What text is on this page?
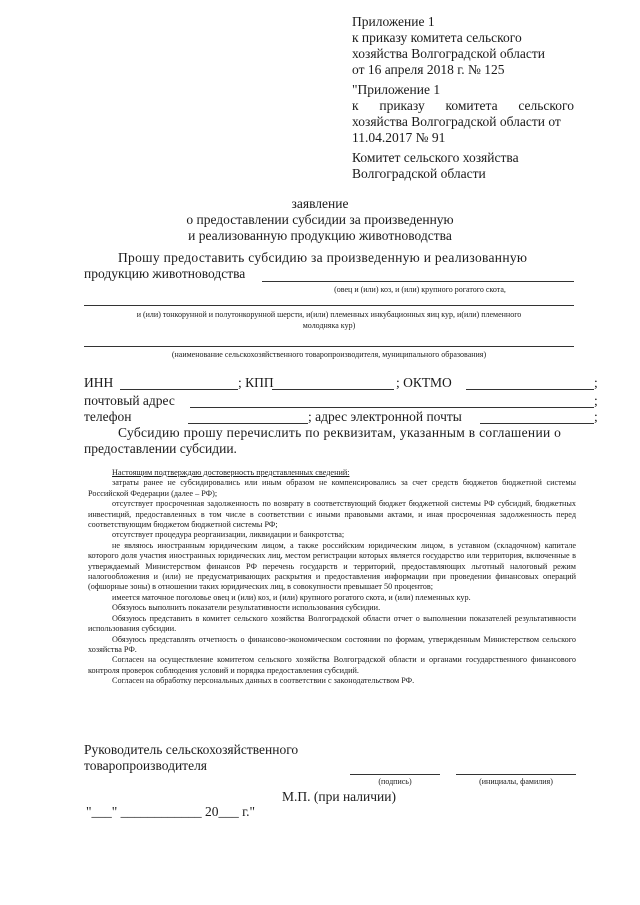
Приложение 1
к приказу комитета сельского
хозяйства Волгоградской области
от 16 апреля 2018 г. № 125
"Приложение 1
к приказу комитета сельского
хозяйства Волгоградской области от
11.04.2017 № 91
Комитет сельского хозяйства
Волгоградской области
заявление
о предоставлении субсидии за произведенную
и реализованную продукцию животноводства
Прошу предоставить субсидию за произведенную и реализованную
продукцию животноводства
(овец и (или) коз, и (или) крупного рогатого скота,
и (или) тонкорунной и полутонкорунной шерсти, и(или) племенных инкубационных яиц кур, и(или) племенного
молодняка кур)
(наименование сельскохозяйственного товаропроизводителя, муниципального образования)
ИНН	; КПП	; ОКТМО	;
почтовый адрес	;
телефон	; адрес электронной почты	;
Субсидию прошу перечислить по реквизитам, указанным в соглашении о
предоставлении субсидии.

Настоящим подтверждаю достоверность представленных сведений:

затраты ранее не субсидировались или иным образом не компенсировались за счет средств бюджетов бюджетной системы Российской Федерации (далее – РФ);

отсутствует просроченная задолженность по возврату в соответствующий бюджет бюджетной системы РФ субсидий, бюджетных инвестиций, предоставленных в том числе в соответствии с иными правовыми актами, и иная просроченная задолженность перед соответствующим бюджетом бюджетной системы РФ;

отсутствует процедура реорганизации, ликвидации и банкротства;

не являюсь иностранным юридическим лицом, а также российским юридическим лицом, в уставном (складочном) капитале которого доля участия иностранных юридических лиц, местом регистрации которых является государство или территория, включенные в утверждаемый Министерством финансов РФ перечень государств и территорий, предоставляющих льготный налоговый режим налогообложения и (или) не предусматривающих раскрытия и предоставления информации при проведении финансовых операций (офшорные зоны) в отношении таких юридических лиц, в совокупности превышает 50 процентов;

имеется маточное поголовье овец и (или) коз, и (или) крупного рогатого скота, и (или) племенных кур.

Обязуюсь выполнить показатели результативности использования субсидии.

Обязуюсь представить в комитет сельского хозяйства Волгоградской области отчет о выполнении показателей результативности использования субсидии.

Обязуюсь представлять отчетность о финансово-экономическом состоянии по формам, утвержденным Министерством сельского хозяйства РФ.

Согласен на осуществление комитетом сельского хозяйства Волгоградской области и органами государственного финансового контроля проверок соблюдения условий и порядка предоставления субсидий.

Согласен на обработку персональных данных в соответствии с законодательством РФ.

Руководитель сельскохозяйственного
товаропроизводителя
(подпись)	(инициалы, фамилия)
М.П. (при наличии)
"___" ____________ 20___ г."
